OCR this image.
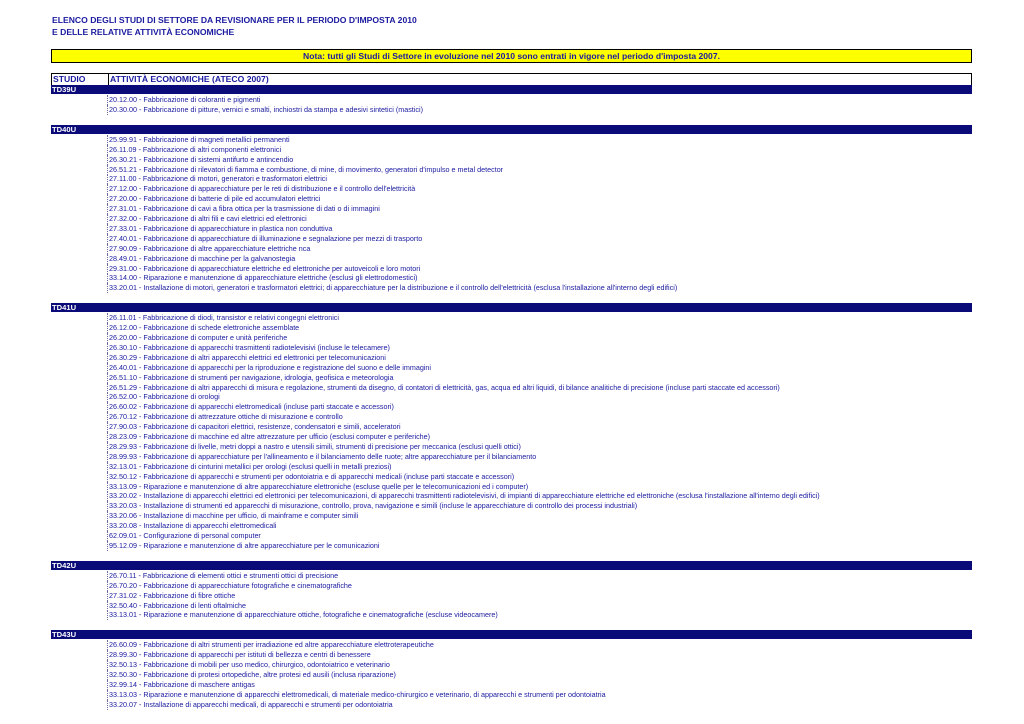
ELENCO DEGLI STUDI DI SETTORE DA REVISIONARE PER IL PERIODO D'IMPOSTA 2010
E DELLE RELATIVE ATTIVITÀ ECONOMICHE
Nota: tutti gli Studi di Settore in evoluzione nel 2010 sono entrati in vigore nel periodo d'imposta 2007.
STUDIO	ATTIVITÀ ECONOMICHE (ATECO 2007)
TD39U
20.12.00 - Fabbricazione di coloranti e pigmenti
20.30.00 - Fabbricazione di pitture, vernici e smalti, inchiostri da stampa e adesivi sintetici (mastici)
TD40U
25.99.91 - Fabbricazione di magneti metallici permanenti
26.11.09 - Fabbricazione di altri componenti elettronici
26.30.21 - Fabbricazione di sistemi antifurto e antincendio
26.51.21 - Fabbricazione di rilevatori di fiamma e combustione, di mine, di movimento, generatori d'impulso e metal detector
27.11.00 - Fabbricazione di motori, generatori e trasformatori elettrici
27.12.00 - Fabbricazione di apparecchiature per le reti di distribuzione e il controllo dell'elettricità
27.20.00 - Fabbricazione di batterie di pile ed accumulatori elettrici
27.31.01 - Fabbricazione di cavi a fibra ottica per la trasmissione di dati o di immagini
27.32.00 - Fabbricazione di altri fili e cavi elettrici ed elettronici
27.33.01 - Fabbricazione di apparecchiature in plastica non conduttiva
27.40.01 - Fabbricazione di apparecchiature di illuminazione e segnalazione per mezzi di trasporto
27.90.09 - Fabbricazione di altre apparecchiature elettriche nca
28.49.01 - Fabbricazione di macchine per la galvanostegia
29.31.00 - Fabbricazione di apparecchiature elettriche ed elettroniche per autoveicoli e loro motori
33.14.00 - Riparazione e manutenzione di apparecchiature elettriche (esclusi gli elettrodomestici)
33.20.01 - Installazione di motori, generatori e trasformatori elettrici; di apparecchiature per la distribuzione e il controllo dell'elettricità (esclusa l'installazione all'interno degli edifici)
TD41U
26.11.01 - Fabbricazione di diodi, transistor e relativi congegni elettronici
26.12.00 - Fabbricazione di schede elettroniche assemblate
26.20.00 - Fabbricazione di computer e unità periferiche
26.30.10 - Fabbricazione di apparecchi trasmittenti radiotelevisivi (incluse le telecamere)
26.30.29 - Fabbricazione di altri apparecchi elettrici ed elettronici per telecomunicazioni
26.40.01 - Fabbricazione di apparecchi per la riproduzione e registrazione del suono e delle immagini
26.51.10 - Fabbricazione di strumenti per navigazione, idrologia, geofisica e meteorologia
26.51.29 - Fabbricazione di altri apparecchi di misura e regolazione, strumenti da disegno, di contatori di elettricità, gas, acqua ed altri liquidi, di bilance analitiche di precisione (incluse parti staccate ed accessori)
26.52.00 - Fabbricazione di orologi
26.60.02 - Fabbricazione di apparecchi elettromedicali (incluse parti staccate e accessori)
26.70.12 - Fabbricazione di attrezzature ottiche di misurazione e controllo
27.90.03 - Fabbricazione di capacitori elettrici, resistenze, condensatori e simili, acceleratori
28.23.09 - Fabbricazione di macchine ed altre attrezzature per ufficio (esclusi computer e periferiche)
28.29.93 - Fabbricazione di livelle, metri doppi a nastro e utensili simili, strumenti di precisione per meccanica (esclusi quelli ottici)
28.99.93 - Fabbricazione di apparecchiature per l'allineamento e il bilanciamento delle ruote; altre apparecchiature per il bilanciamento
32.13.01 - Fabbricazione di cinturini metallici per orologi (esclusi quelli in metalli preziosi)
32.50.12 - Fabbricazione di apparecchi e strumenti per odontoiatria e di apparecchi medicali (incluse parti staccate e accessori)
33.13.09 - Riparazione e manutenzione di altre apparecchiature elettroniche (escluse quelle per le telecomunicazioni ed i computer)
33.20.02 - Installazione di apparecchi elettrici ed elettronici per telecomunicazioni, di apparecchi trasmittenti radiotelevisivi, di impianti di apparecchiature elettriche ed elettroniche (esclusa l'installazione all'interno degli edifici)
33.20.03 - Installazione di strumenti ed apparecchi di misurazione, controllo, prova, navigazione e simili (incluse le apparecchiature di controllo dei processi industriali)
33.20.06 - Installazione di macchine per ufficio, di mainframe e computer simili
33.20.08 - Installazione di apparecchi elettromedicali
62.09.01 - Configurazione di personal computer
95.12.09 - Riparazione e manutenzione di altre apparecchiature per le comunicazioni
TD42U
26.70.11 - Fabbricazione di elementi ottici e strumenti ottici di precisione
26.70.20 - Fabbricazione di apparecchiature fotografiche e cinematografiche
27.31.02 - Fabbricazione di fibre ottiche
32.50.40 - Fabbricazione di lenti oftalmiche
33.13.01 - Riparazione e manutenzione di apparecchiature ottiche, fotografiche e cinematografiche (escluse videocamere)
TD43U
26.60.09 - Fabbricazione di altri strumenti per irradiazione ed altre apparecchiature elettroterapeutiche
28.99.30 - Fabbricazione di apparecchi per istituti di bellezza e centri di benessere
32.50.13 - Fabbricazione di mobili per uso medico, chirurgico, odontoiatrico e veterinario
32.50.30 - Fabbricazione di protesi ortopediche, altre protesi ed ausili (inclusa riparazione)
32.99.14 - Fabbricazione di maschere antigas
33.13.03 - Riparazione e manutenzione di apparecchi elettromedicali, di materiale medico-chirurgico e veterinario, di apparecchi e strumenti per odontoiatria
33.20.07 - Installazione di apparecchi medicali, di apparecchi e strumenti per odontoiatria
